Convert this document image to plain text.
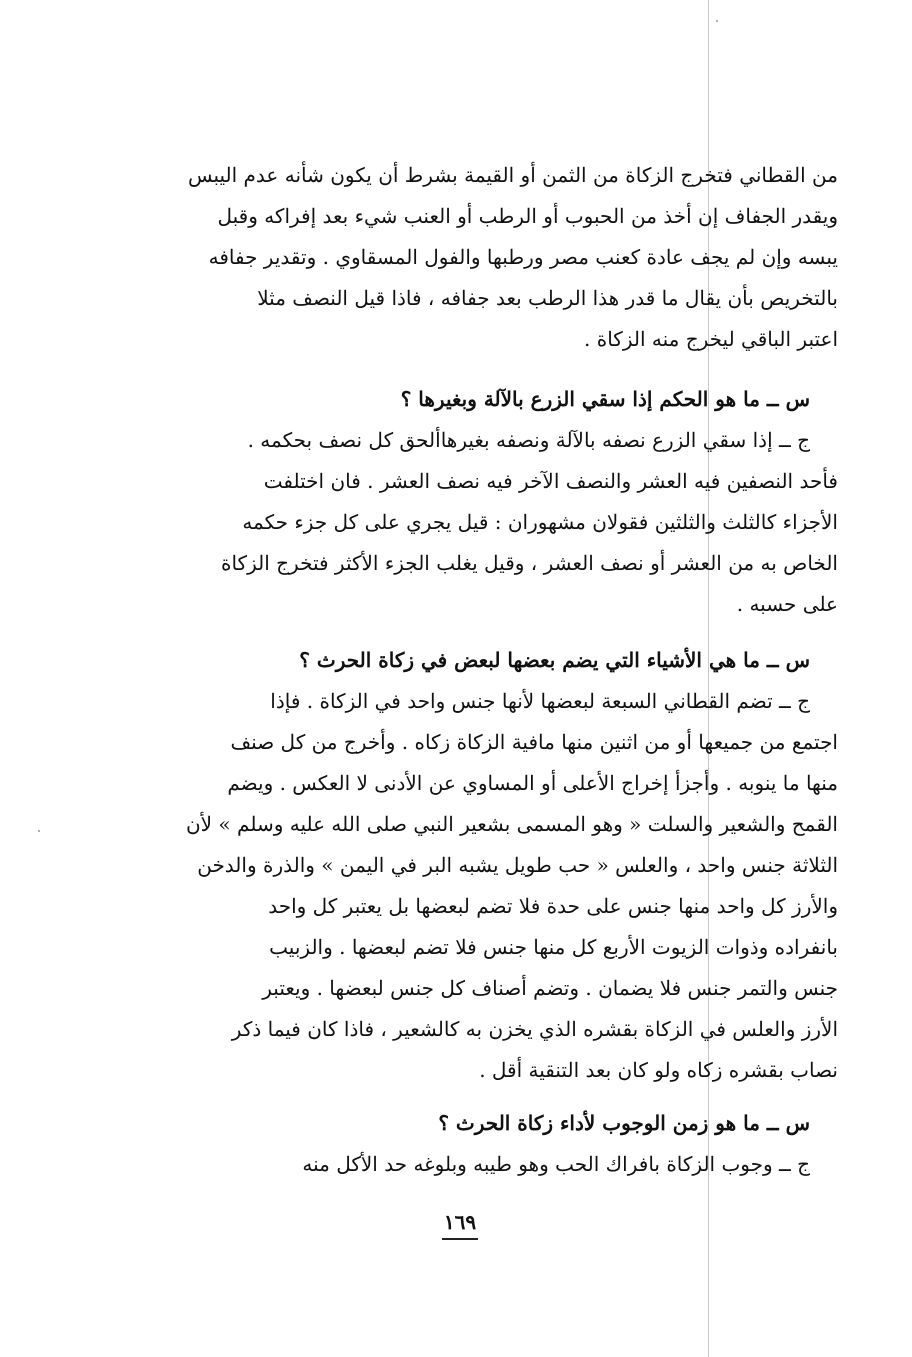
من القطاني فتخرج الزكاة من الثمن أو القيمة بشرط أن يكون شأنه عدم اليبس
ويقدر الجفاف إن أخذ من الحبوب أو الرطب أو العنب شيء بعد إفراكه وقبل
يبسه وإن لم يجف عادة كعنب مصر ورطبها والفول المسقاوي . وتقدير جفافه
بالتخريص بأن يقال ما قدر هذا الرطب بعد جفافه ، فاذا قيل النصف مثلا
اعتبر الباقي ليخرج منه الزكاة .
س ــ ما هو الحكم إذا سقي الزرع بالآلة وبغيرها ؟
ج ــ إذا سقي الزرع نصفه بالآلة ونصفه بغيرهاألحق كل نصف بحكمه .
فأحد النصفين فيه العشر والنصف الآخر فيه نصف العشر . فان اختلفت
الأجزاء كالثلث والثلثين فقولان مشهوران : قيل يجري على كل جزء حكمه
الخاص به من العشر أو نصف العشر ، وقيل يغلب الجزء الأكثر فتخرج الزكاة
على حسبه .
س ــ ما هي الأشياء التي يضم بعضها لبعض في زكاة الحرث ؟
ج ــ تضم القطاني السبعة لبعضها لأنها جنس واحد في الزكاة . فإذا
اجتمع من جميعها أو من اثنين منها مافية الزكاة زكاه . وأخرج من كل صنف
منها ما ينوبه . وأجزأ إخراج الأعلى أو المساوي عن الأدنى لا العكس . ويضم
القمح والشعير والسلت « وهو المسمى بشعير النبي صلى الله عليه وسلم » لأن
الثلاثة جنس واحد ، والعلس « حب طويل يشبه البر في اليمن » والذرة والدخن
والأرز كل واحد منها جنس على حدة فلا تضم لبعضها بل يعتبر كل واحد
بانفراده وذوات الزيوت الأربع كل منها جنس فلا تضم لبعضها . والزبيب
جنس والتمر جنس فلا يضمان . وتضم أصناف كل جنس لبعضها . ويعتبر
الأرز والعلس في الزكاة بقشره الذي يخزن به كالشعير ، فاذا كان فيما ذكر
نصاب بقشره زكاه ولو كان بعد التنقية أقل .
س ــ ما هو زمن الوجوب لأداء زكاة الحرث ؟
ج ــ وجوب الزكاة بافراك الحب وهو طيبه وبلوغه حد الأكل منه
١٦٩
